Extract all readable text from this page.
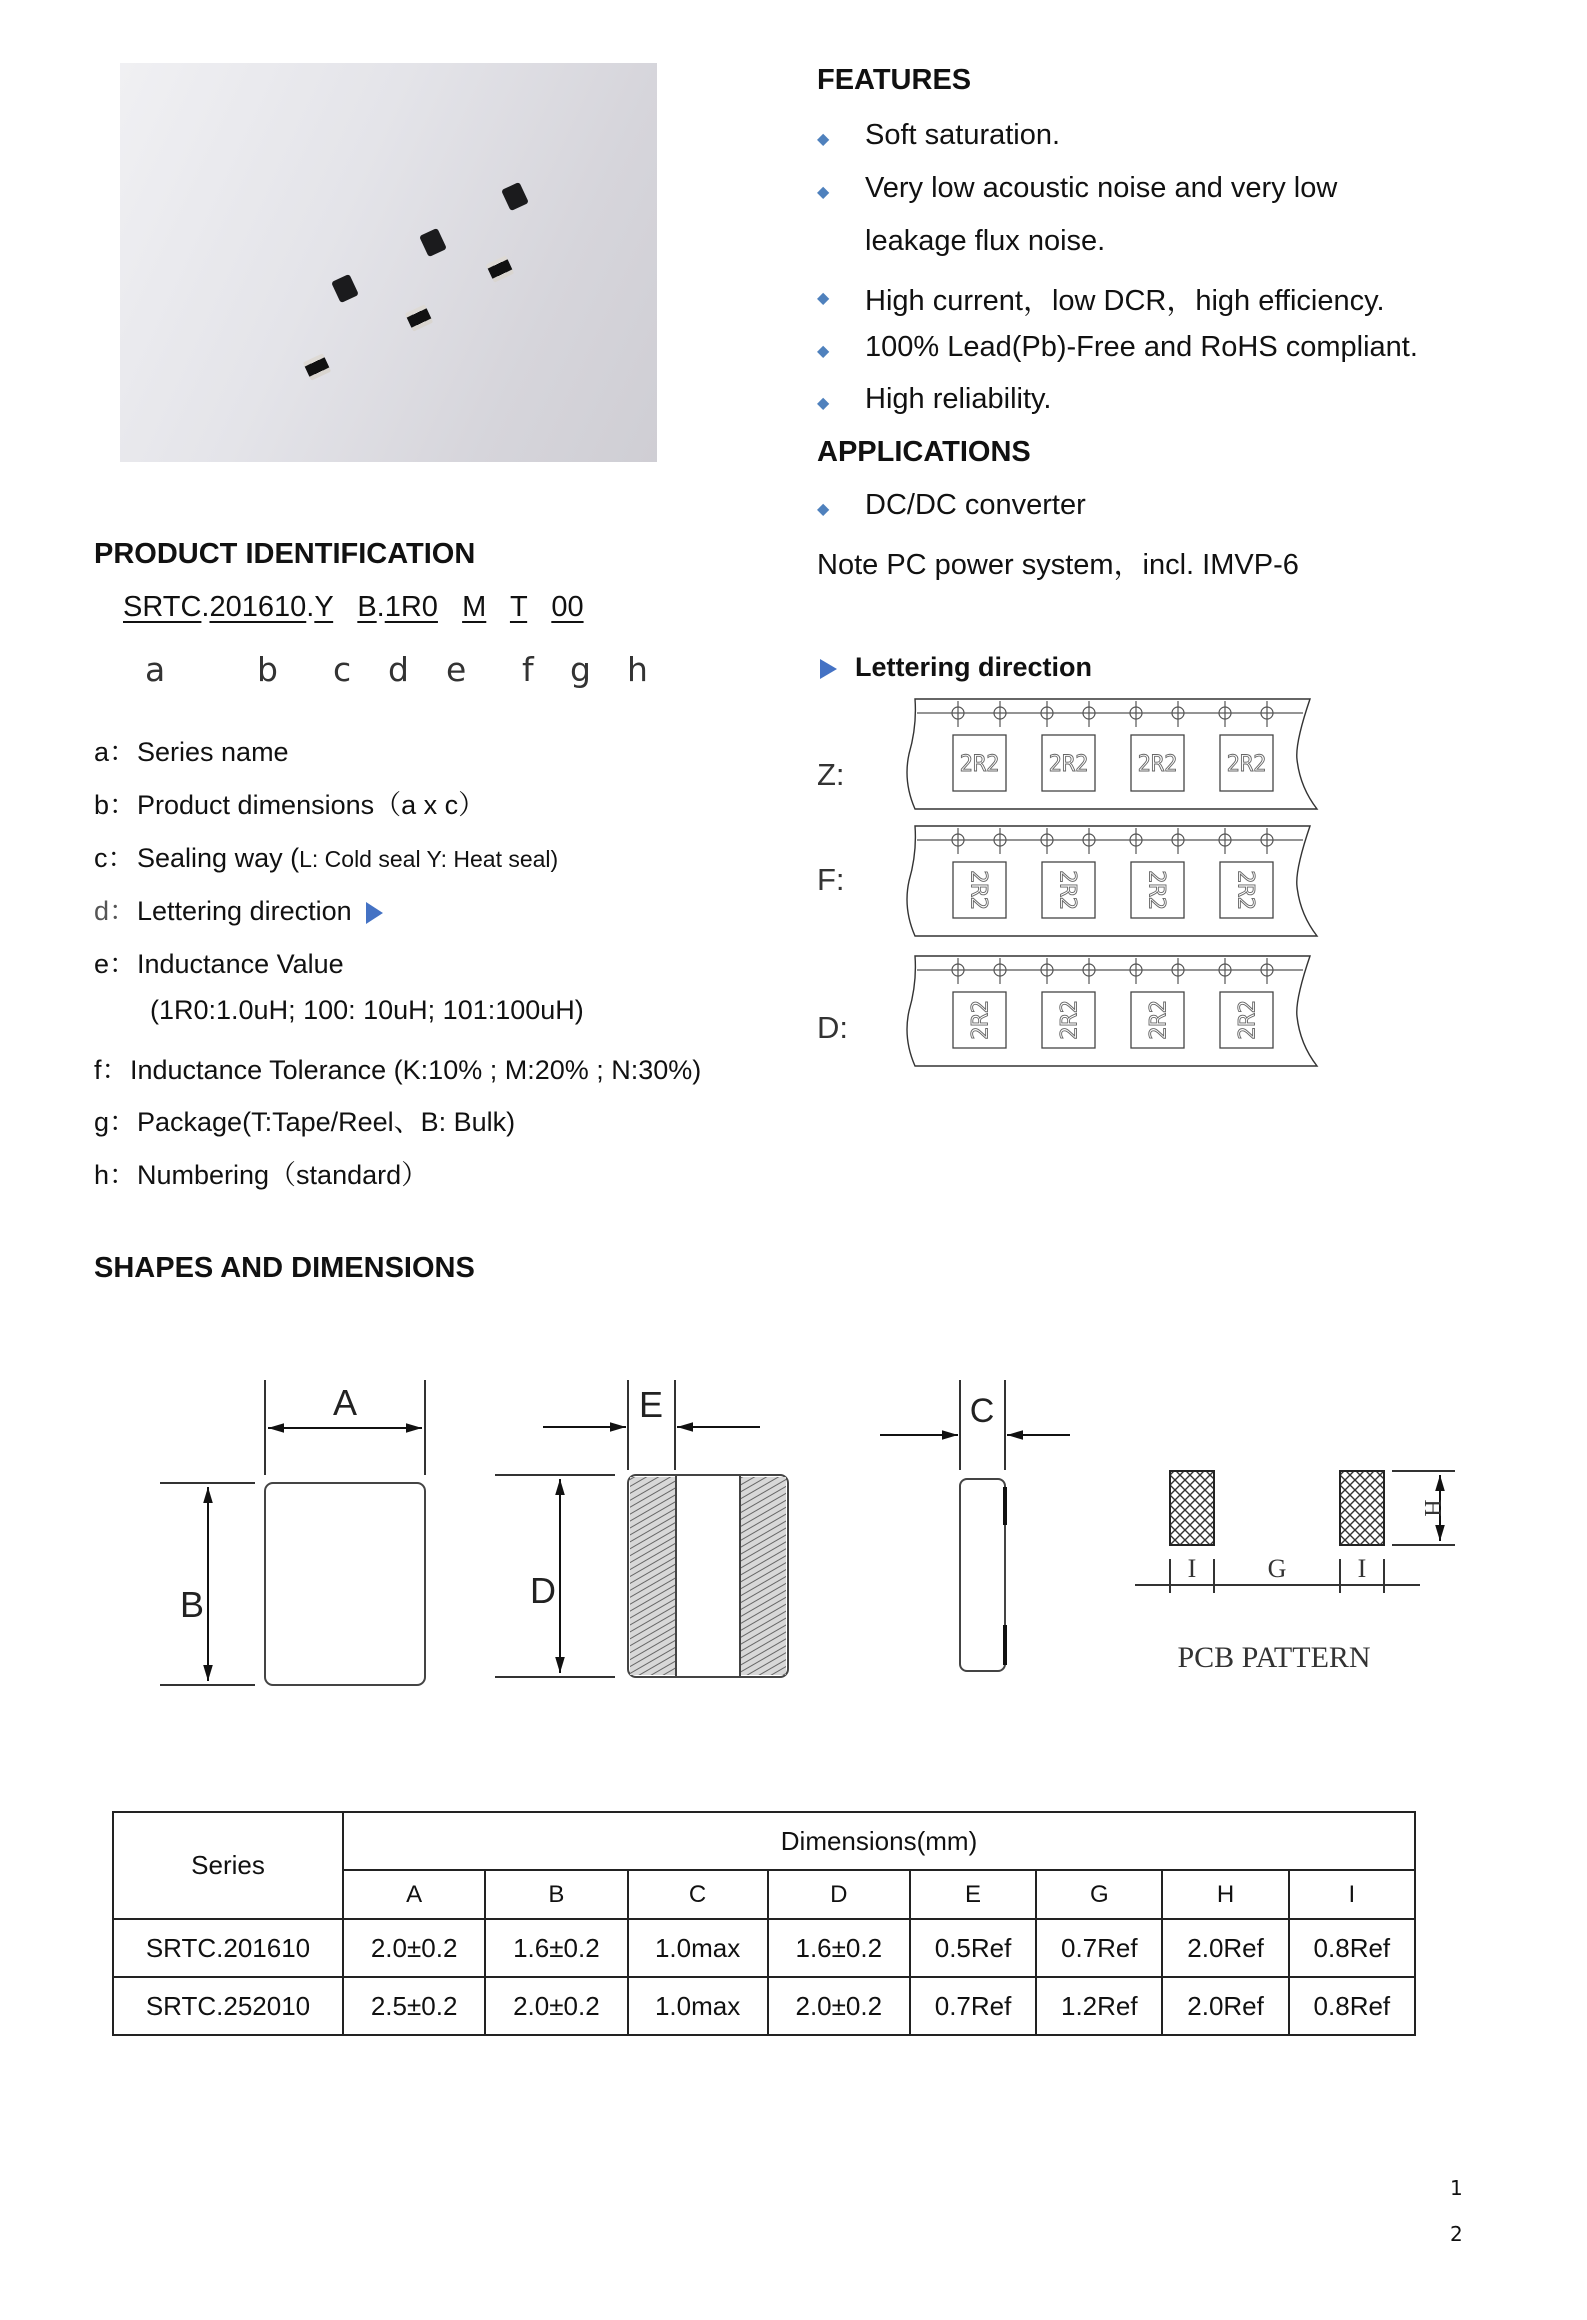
FEATURES
◆ Soft saturation.
◆ Very low acoustic noise and very low
leakage flux noise.
◆ High current，low DCR，high efficiency.
◆ 100% Lead(Pb)-Free and RoHS compliant.
◆ High reliability.
APPLICATIONS
◆ DC/DC converter
Note PC power system，incl. IMVP-6
PRODUCT IDENTIFICATION
SRTC.201610.Y B.1R0 M T 00
a	b c d e f g h
a：Series name
b：Product dimensions（a x c）
c：Sealing way (L: Cold seal Y: Heat seal)
d：Lettering direction
e：Inductance Value
(1R0:1.0uH; 100: 10uH; 101:100uH)
f：Inductance Tolerance (K:10% ; M:20% ; N:30%)
g：Package(T:Tape/Reel、B: Bulk)
h：Numbering（standard）
Lettering direction
Z:
F:
D:
2R2 2R2 2R2 2R2
2R2	2R2	2R2	2R2
2R2	2R2	2R2	2R2
SHAPES AND DIMENSIONS
A
B
E
D
C
I	G	I
H
PCB PATTERN
Series	Dimensions(mm)							
	A	B	C	D	E	G	H	I
SRTC.201610	2.0±0.2	1.6±0.2	1.0max	1.6±0.2	0.5Ref	0.7Ref	2.0Ref	0.8Ref
SRTC.252010	2.5±0.2	2.0±0.2	1.0max	2.0±0.2	0.7Ref	1.2Ref	2.0Ref	0.8Ref
1
2
